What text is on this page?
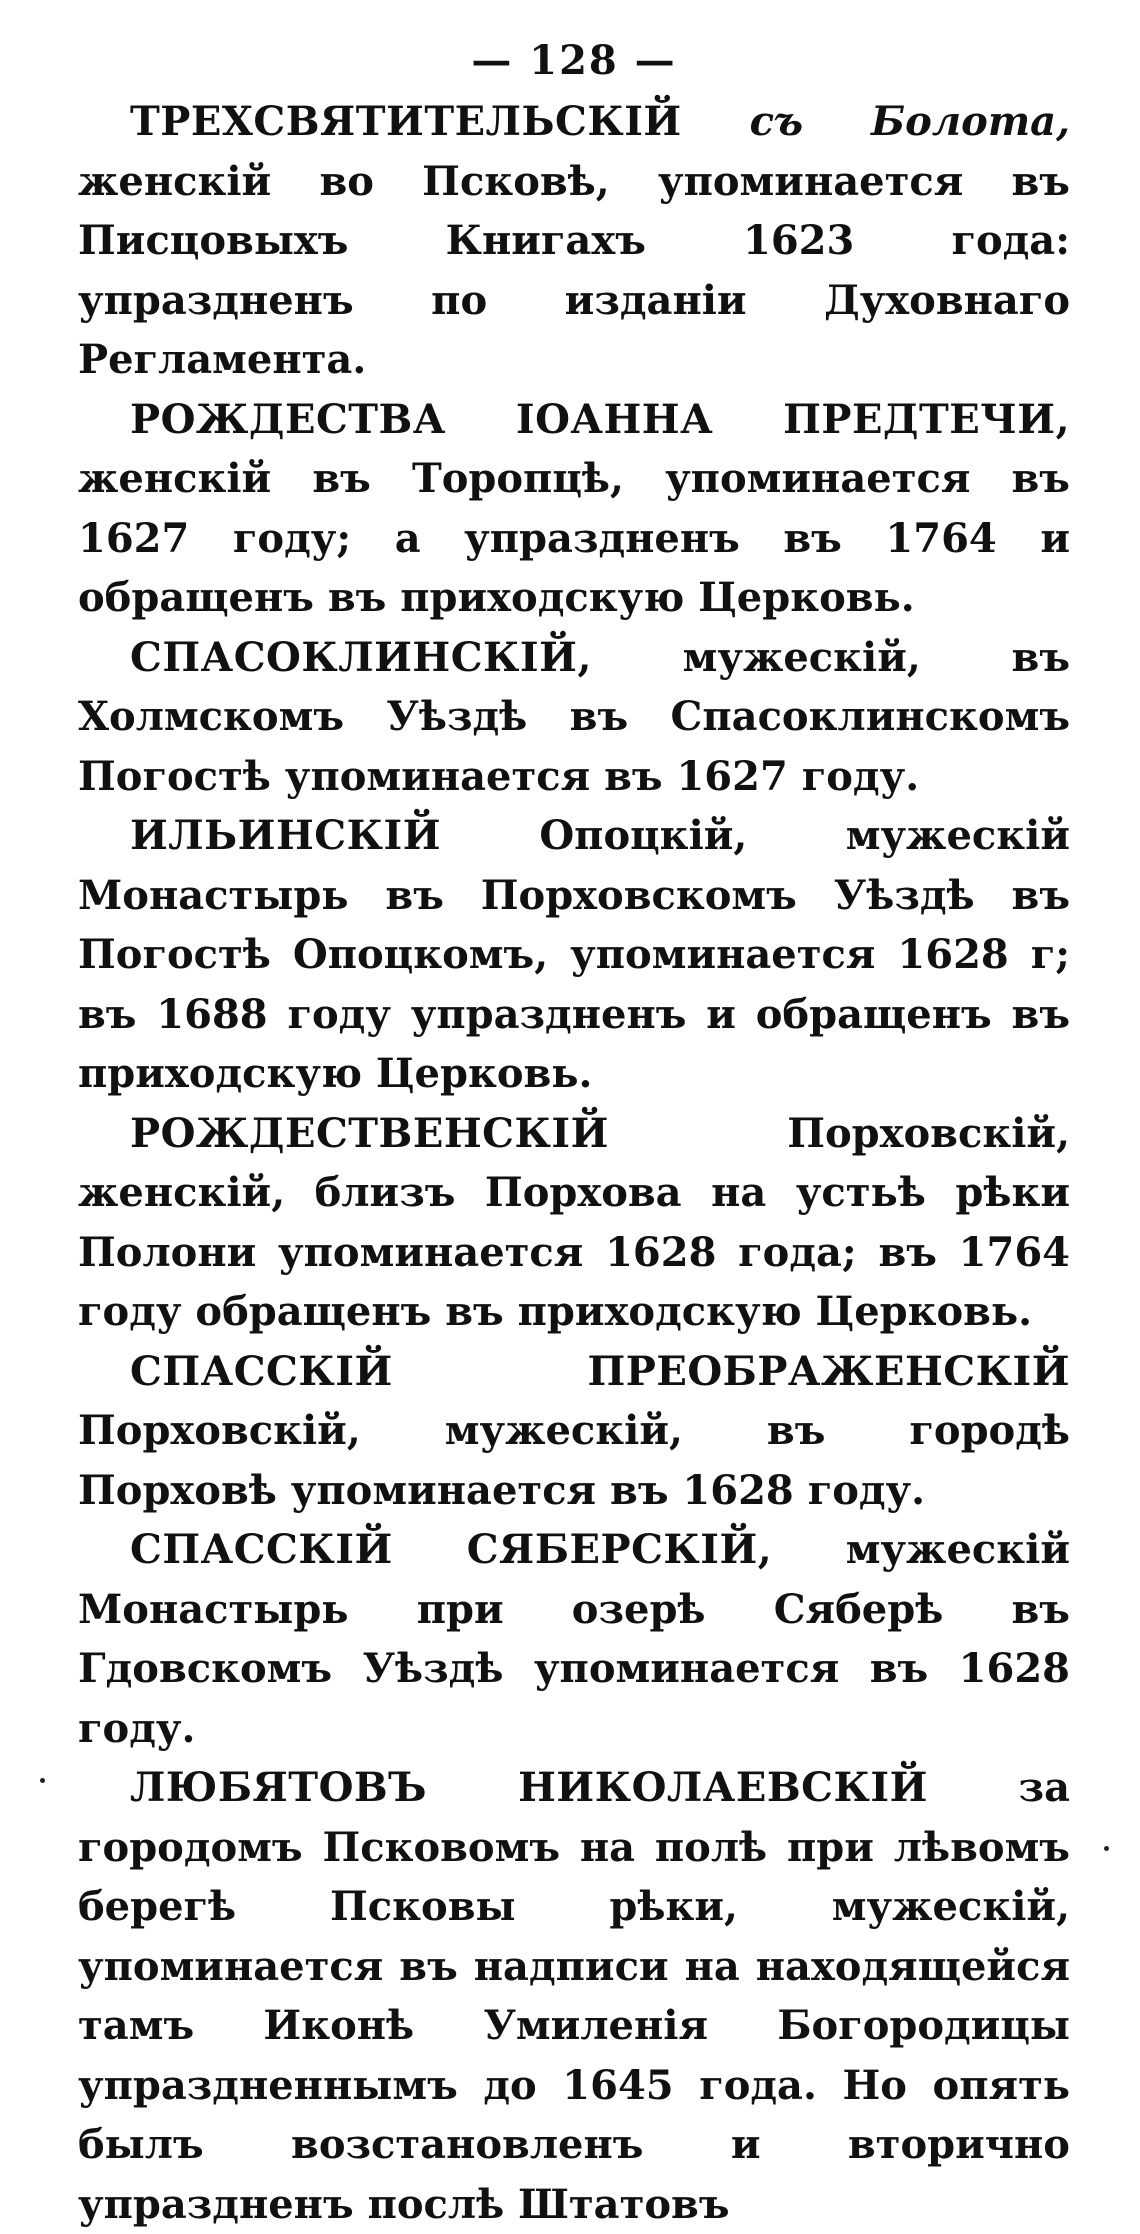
— 128 —

ТРЕХСВЯТИТЕЛЬСКІЙ съ Болота, женскій во Псковѣ, упоминается въ Писцовыхъ Книгахъ 1623 года: упраздненъ по изданіи Духовнаго Регламента.

РОЖДЕСТВА ІОАННА ПРЕДТЕЧИ, женскій въ Торопцѣ, упоминается въ 1627 году; а упраздненъ въ 1764 и обращенъ въ приходскую Церковь.

СПАСОКЛИНСКІЙ, мужескій, въ Холмскомъ Уѣздѣ въ Спасоклинскомъ Погостѣ упоминается въ 1627 году.

ИЛЬИНСКІЙ Опоцкій, мужескій Монастырь въ Порховскомъ Уѣздѣ въ Погостѣ Опоцкомъ, упоминается 1628 г; въ 1688 году упраздненъ и обращенъ въ приходскую Церковь.

РОЖДЕСТВЕНСКІЙ	Порховскій, женскій, близъ Порхова на устьѣ рѣки Полони упоминается 1628 года; въ 1764 году обращенъ въ приходскую Церковь.

СПАССКІЙ ПРЕОБРАЖЕНСКІЙ Порховскій, мужескій, въ городѣ Порховѣ упоминается въ 1628 году.

СПАССКІЙ СЯБЕРСКІЙ, мужескій Монастырь при озерѣ Сяберѣ въ Гдовскомъ Уѣздѣ упоминается въ 1628 году.

ЛЮБЯТОВЪ НИКОЛАЕВСКІЙ за городомъ Псковомъ на полѣ при лѣвомъ берегѣ Псковы рѣки, мужескій, упоминается въ надписи на находящейся тамъ Иконѣ Умиленія Богородицы упраздненнымъ до 1645 года. Но опять былъ возстановленъ и вторично упраздненъ послѣ Штатовъ
